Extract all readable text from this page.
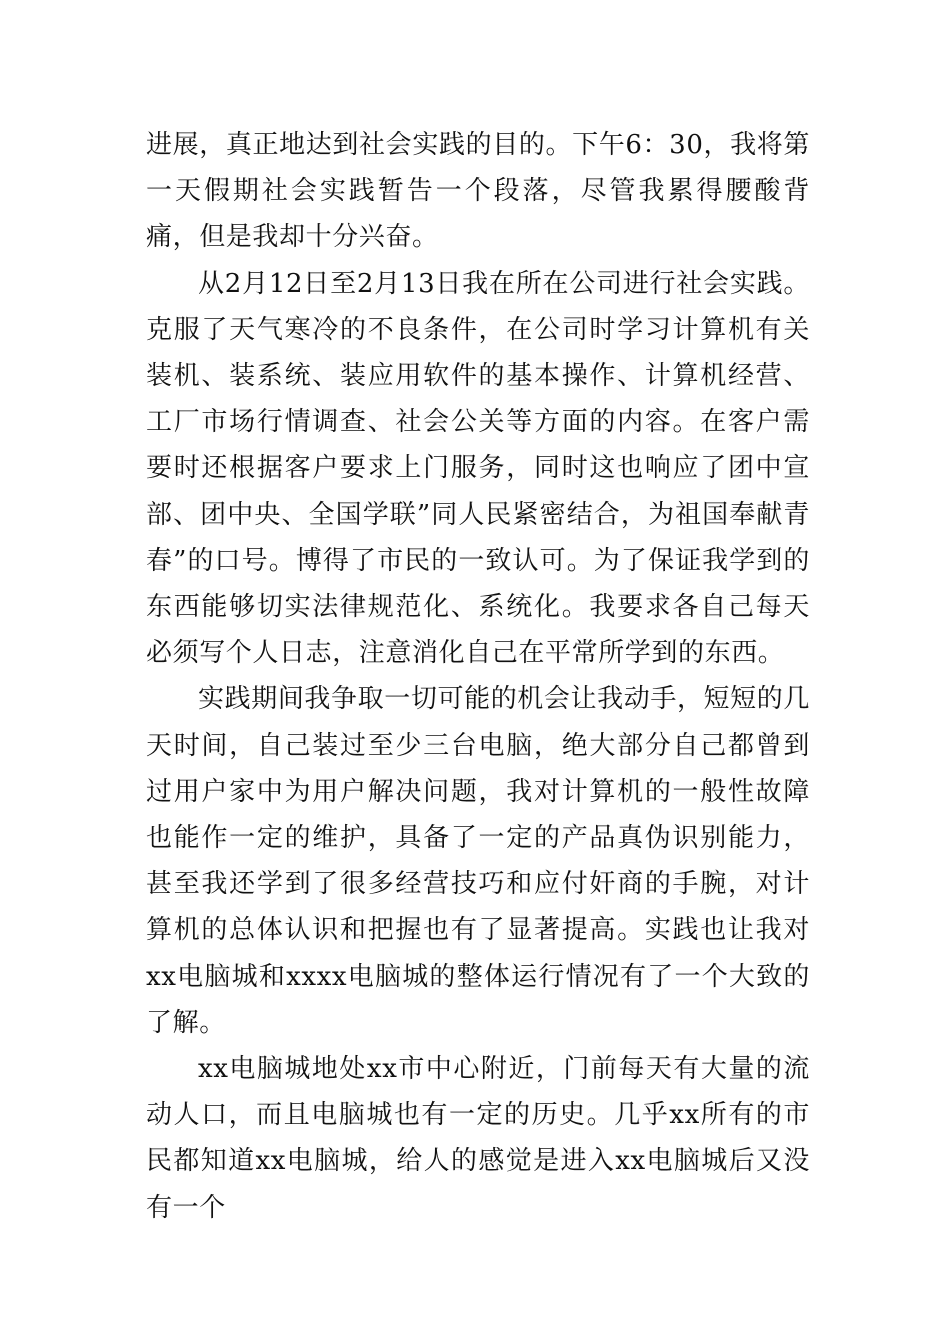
进展，真正地达到社会实践的目的。下午6：30，我将第一天假期社会实践暂告一个段落，尽管我累得腰酸背痛，但是我却十分兴奋。

从2月12日至2月13日我在所在公司进行社会实践。克服了天气寒冷的不良条件，在公司时学习计算机有关装机、装系统、装应用软件的基本操作、计算机经营、工厂市场行情调查、社会公关等方面的内容。在客户需要时还根据客户要求上门服务，同时这也响应了团中宣部、团中央、全国学联”同人民紧密结合，为祖国奉献青春”的口号。博得了市民的一致认可。为了保证我学到的东西能够切实法律规范化、系统化。我要求各自己每天必须写个人日志，注意消化自己在平常所学到的东西。

实践期间我争取一切可能的机会让我动手，短短的几天时间，自己装过至少三台电脑，绝大部分自己都曾到过用户家中为用户解决问题，我对计算机的一般性故障也能作一定的维护，具备了一定的产品真伪识别能力，甚至我还学到了很多经营技巧和应付奸商的手腕，对计算机的总体认识和把握也有了显著提高。实践也让我对xx电脑城和xxxx电脑城的整体运行情况有了一个大致的了解。

xx电脑城地处xx市中心附近，门前每天有大量的流动人口，而且电脑城也有一定的历史。几乎xx所有的市民都知道xx电脑城，给人的感觉是进入xx电脑城后又没有一个
